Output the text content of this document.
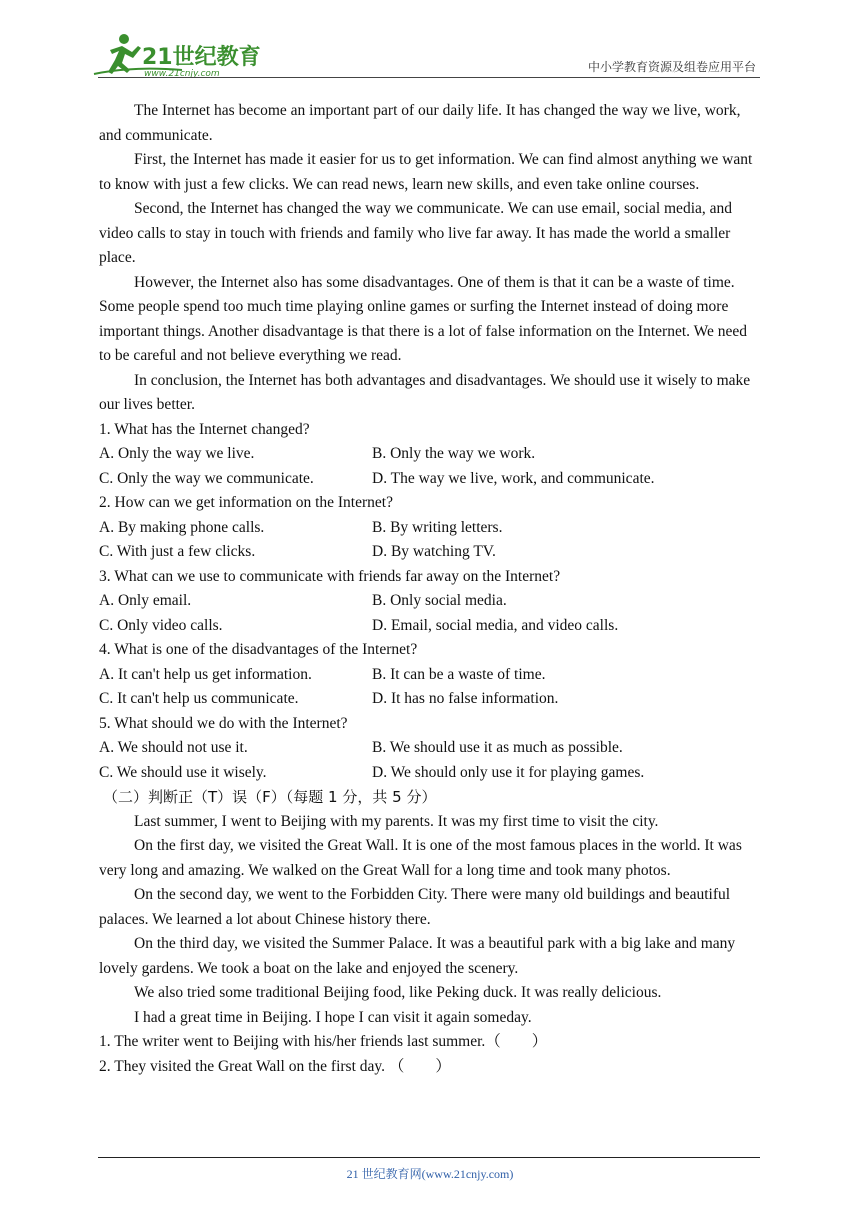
21世纪教育
www.21cnjy.com	中小学教育资源及组卷应用平台

The Internet has become an important part of our daily life. It has changed the way we live, work, and communicate.

First, the Internet has made it easier for us to get information. We can find almost anything we want to know with just a few clicks. We can read news, learn new skills, and even take online courses.

Second, the Internet has changed the way we communicate. We can use email, social media, and video calls to stay in touch with friends and family who live far away. It has made the world a smaller place.

However, the Internet also has some disadvantages. One of them is that it can be a waste of time. Some people spend too much time playing online games or surfing the Internet instead of doing more important things. Another disadvantage is that there is a lot of false information on the Internet. We need to be careful and not believe everything we read.

In conclusion, the Internet has both advantages and disadvantages. We should use it wisely to make our lives better.

1. What has the Internet changed?

A. Only the way we live.	B. Only the way we work.
C. Only the way we communicate.	D. The way we live, work, and communicate.

2. How can we get information on the Internet?

A. By making phone calls.	B. By writing letters.
C. With just a few clicks.	D. By watching TV.

3. What can we use to communicate with friends far away on the Internet?

A. Only email.	B. Only social media.
C. Only video calls.	D. Email, social media, and video calls.

4. What is one of the disadvantages of the Internet?

A. It can't help us get information.	B. It can be a waste of time.
C. It can't help us communicate.	D. It has no false information.

5. What should we do with the Internet?

A. We should not use it.	B. We should use it as much as possible.
C. We should use it wisely.	D. We should only use it for playing games.

（二）判断正（T）误（F）（每题 1 分，共 5 分）

Last summer, I went to Beijing with my parents. It was my first time to visit the city.

On the first day, we visited the Great Wall. It is one of the most famous places in the world. It was very long and amazing. We walked on the Great Wall for a long time and took many photos.

On the second day, we went to the Forbidden City. There were many old buildings and beautiful palaces. We learned a lot about Chinese history there.

On the third day, we visited the Summer Palace. It was a beautiful park with a big lake and many lovely gardens. We took a boat on the lake and enjoyed the scenery.

We also tried some traditional Beijing food, like Peking duck. It was really delicious.

I had a great time in Beijing. I hope I can visit it again someday.

1. The writer went to Beijing with his/her friends last summer.（　　）

2. They visited the Great Wall on the first day. （　　）

21 世纪教育网(www.21cnjy.com)
